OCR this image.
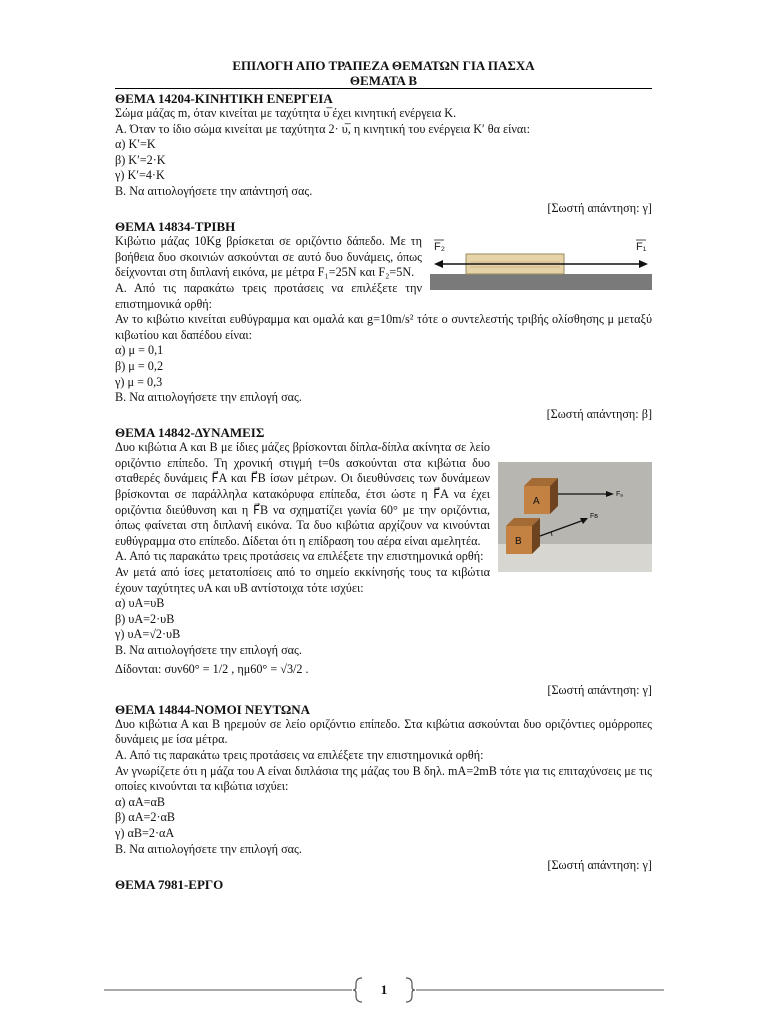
ΕΠΙΛΟΓΗ ΑΠΟ ΤΡΑΠΕΖΑ ΘΕΜΑΤΩΝ ΓΙΑ ΠΑΣΧΑ
ΘΕΜΑΤΑ Β
ΘΕΜΑ 14204-ΚΙΝΗΤΙΚΗ ΕΝΕΡΓΕΙΑ
Σώμα μάζας m, όταν κινείται με ταχύτητα υ̅ έχει κινητική ενέργεια K.
Α. Όταν το ίδιο σώμα κινείται με ταχύτητα 2· υ̅, η κινητική του ενέργεια K′ θα είναι:
α) K′=K
β) K′=2·K
γ) K′=4·K
Β. Να αιτιολογήσετε την απάντησή σας.
[Σωστή απάντηση: γ]
ΘΕΜΑ 14834-ΤΡΙΒΗ
F₂	F₁
Κιβώτιο μάζας 10Kg βρίσκεται σε οριζόντιο δάπεδο. Με τη βοήθεια δυο σκοινιών ασκούνται σε αυτό δυο δυνάμεις, όπως δείχνονται στη διπλανή εικόνα, με μέτρα F₁=25N και F₂=5N.
Α. Από τις παρακάτω τρεις προτάσεις να επιλέξετε την επιστημονικά ορθή:
Αν το κιβώτιο κινείται ευθύγραμμα και ομαλά και g=10m/s² τότε ο συντελεστής τριβής ολίσθησης μ μεταξύ κιβωτίου και δαπέδου είναι:
α) μ = 0,1
β) μ = 0,2
γ) μ = 0,3
Β. Να αιτιολογήσετε την επιλογή σας.
[Σωστή απάντηση: β]
ΘΕΜΑ 14842-ΔΥΝΑΜΕΙΣ
A
Fₐ
B
Fв
Δυο κιβώτια Α και Β με ίδιες μάζες βρίσκονται δίπλα-δίπλα ακίνητα σε λείο οριζόντιο επίπεδο. Τη χρονική στιγμή t=0s ασκούνται στα κιβώτια δυο σταθερές δυνάμεις F⃗A και F⃗B ίσων μέτρων. Οι διευθύνσεις των δυνάμεων βρίσκονται σε παράλληλα κατακόρυφα επίπεδα, έτσι ώστε η F⃗A να έχει οριζόντια διεύθυνση και η F⃗B να σχηματίζει γωνία 60° με την οριζόντια, όπως φαίνεται στη διπλανή εικόνα. Τα δυο κιβώτια αρχίζουν να κινούνται ευθύγραμμα στο επίπεδο. Δίδεται ότι η επίδραση του αέρα είναι αμελητέα.
Α. Από τις παρακάτω τρεις προτάσεις να επιλέξετε την επιστημονικά ορθή:
Αν μετά από ίσες μετατοπίσεις από το σημείο εκκίνησής τους τα κιβώτια έχουν ταχύτητες υA και υB αντίστοιχα τότε ισχύει:
α) υA=υB
β) υA=2·υB
γ) υA=√2·υB
Β. Να αιτιολογήσετε την επιλογή σας.
Δίδονται: συν60° = 1/2 , ημ60° = √3/2 .
[Σωστή απάντηση: γ]
ΘΕΜΑ 14844-ΝΟΜΟΙ ΝΕΥΤΩΝΑ
Δυο κιβώτια Α και Β ηρεμούν σε λείο οριζόντιο επίπεδο. Στα κιβώτια ασκούνται δυο οριζόντιες ομόρροπες δυνάμεις με ίσα μέτρα.
Α. Από τις παρακάτω τρεις προτάσεις να επιλέξετε την επιστημονικά ορθή:
Αν γνωρίζετε ότι η μάζα του Α είναι διπλάσια της μάζας του Β δηλ. mA=2mB τότε για τις επιταχύνσεις με τις οποίες κινούνται τα κιβώτια ισχύει:
α) αA=αB
β) αA=2·αB
γ) αB=2·αA
Β. Να αιτιολογήσετε την επιλογή σας.
[Σωστή απάντηση: γ]
ΘΕΜΑ 7981-ΕΡΓΟ
1
